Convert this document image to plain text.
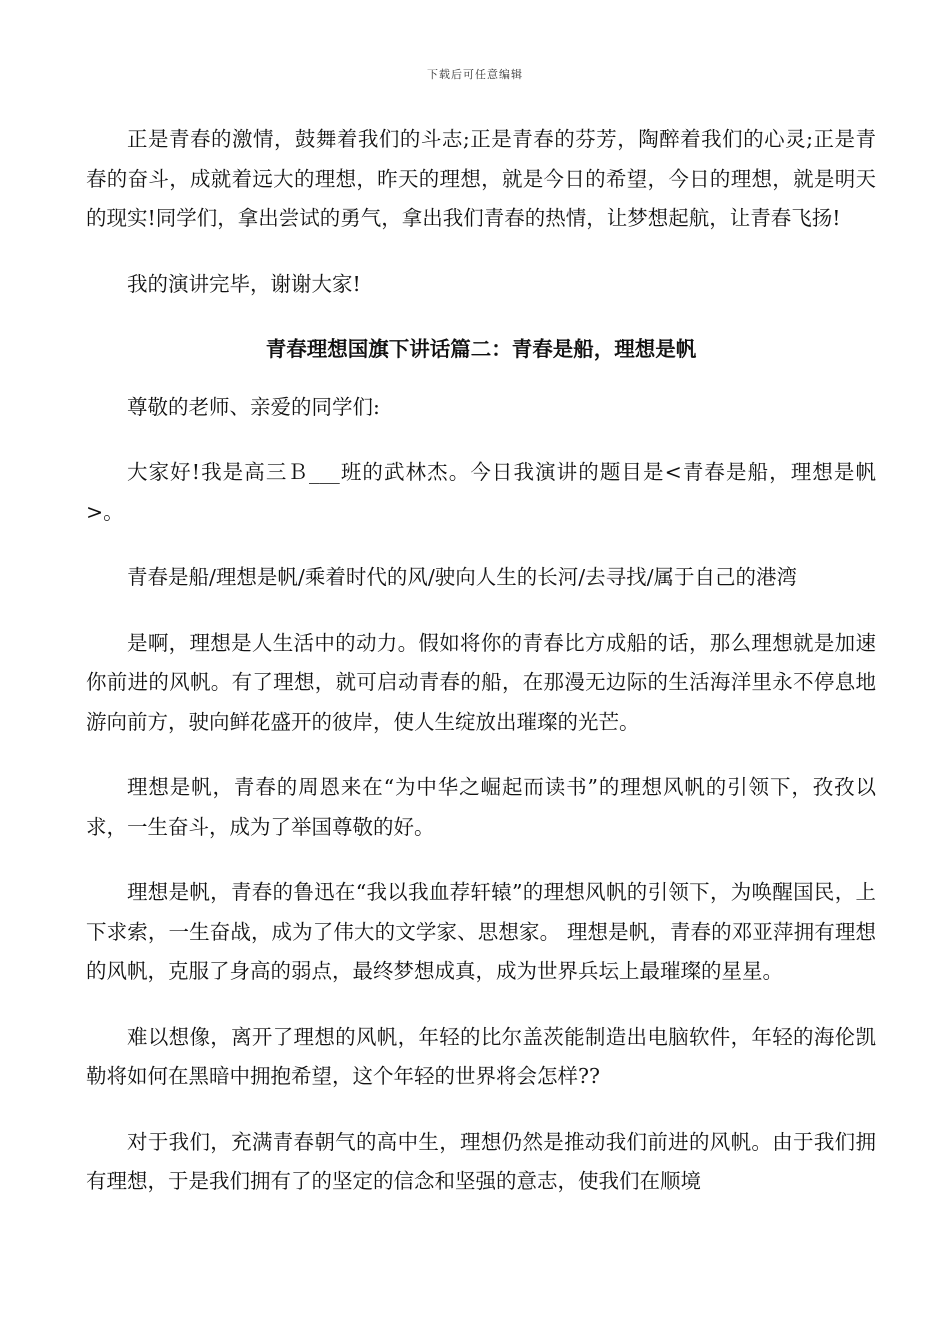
下载后可任意编辑

正是青春的激情，鼓舞着我们的斗志;正是青春的芬芳，陶醉着我们的心灵;正是青春的奋斗，成就着远大的理想，昨天的理想，就是今日的希望，今日的理想，就是明天的现实!同学们，拿出尝试的勇气，拿出我们青春的热情，让梦想起航，让青春飞扬!

我的演讲完毕，谢谢大家!

青春理想国旗下讲话篇二：青春是船，理想是帆

尊敬的老师、亲爱的同学们:

大家好!我是高三Ｂ___班的武林杰。今日我演讲的题目是<青春是船，理想是帆>。

青春是船/理想是帆/乘着时代的风/驶向人生的长河/去寻找/属于自己的港湾

是啊，理想是人生活中的动力。假如将你的青春比方成船的话，那么理想就是加速你前进的风帆。有了理想，就可启动青春的船，在那漫无边际的生活海洋里永不停息地游向前方，驶向鲜花盛开的彼岸，使人生绽放出璀璨的光芒。

理想是帆，青春的周恩来在“为中华之崛起而读书”的理想风帆的引领下，孜孜以求，一生奋斗，成为了举国尊敬的好。

理想是帆，青春的鲁迅在“我以我血荐轩辕”的理想风帆的引领下，为唤醒国民，上下求索，一生奋战，成为了伟大的文学家、思想家。 理想是帆，青春的邓亚萍拥有理想的风帆，克服了身高的弱点，最终梦想成真，成为世界兵坛上最璀璨的星星。

难以想像，离开了理想的风帆，年轻的比尔盖茨能制造出电脑软件，年轻的海伦凯勒将如何在黑暗中拥抱希望，这个年轻的世界将会怎样??

对于我们，充满青春朝气的高中生，理想仍然是推动我们前进的风帆。由于我们拥有理想，于是我们拥有了的坚定的信念和坚强的意志，使我们在顺境
